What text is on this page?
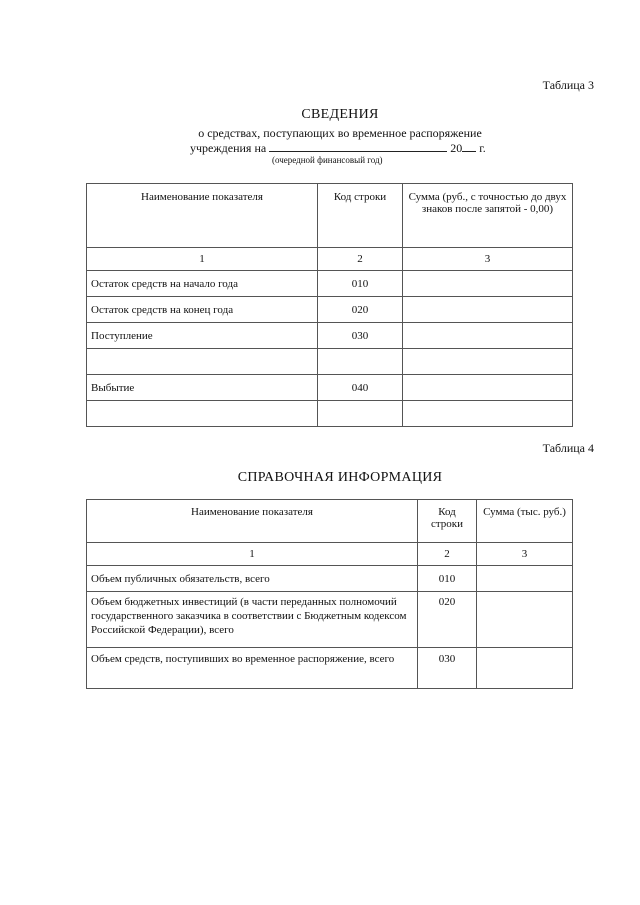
Таблица 3
СВЕДЕНИЯ
о средствах, поступающих во временное распоряжение
учреждения на	20 г.
(очередной финансовый год)
Наименование показателя	Код строки	Сумма (руб., с точностью до двух знаков после запятой - 0,00)
1	2	3
Остаток средств на начало года	010	
Остаток средств на конец года	020	
Поступление	030	

Выбытие	040	

Таблица 4
СПРАВОЧНАЯ ИНФОРМАЦИЯ
Наименование показателя	Код строки	Сумма (тыс. руб.)
1	2	3
Объем публичных обязательств, всего	010	
Объем бюджетных инвестиций (в части переданных полномочий государственного заказчика в соответствии с Бюджетным кодексом Российской Федерации), всего	020	
Объем средств, поступивших во временное распоряжение, всего	030	
